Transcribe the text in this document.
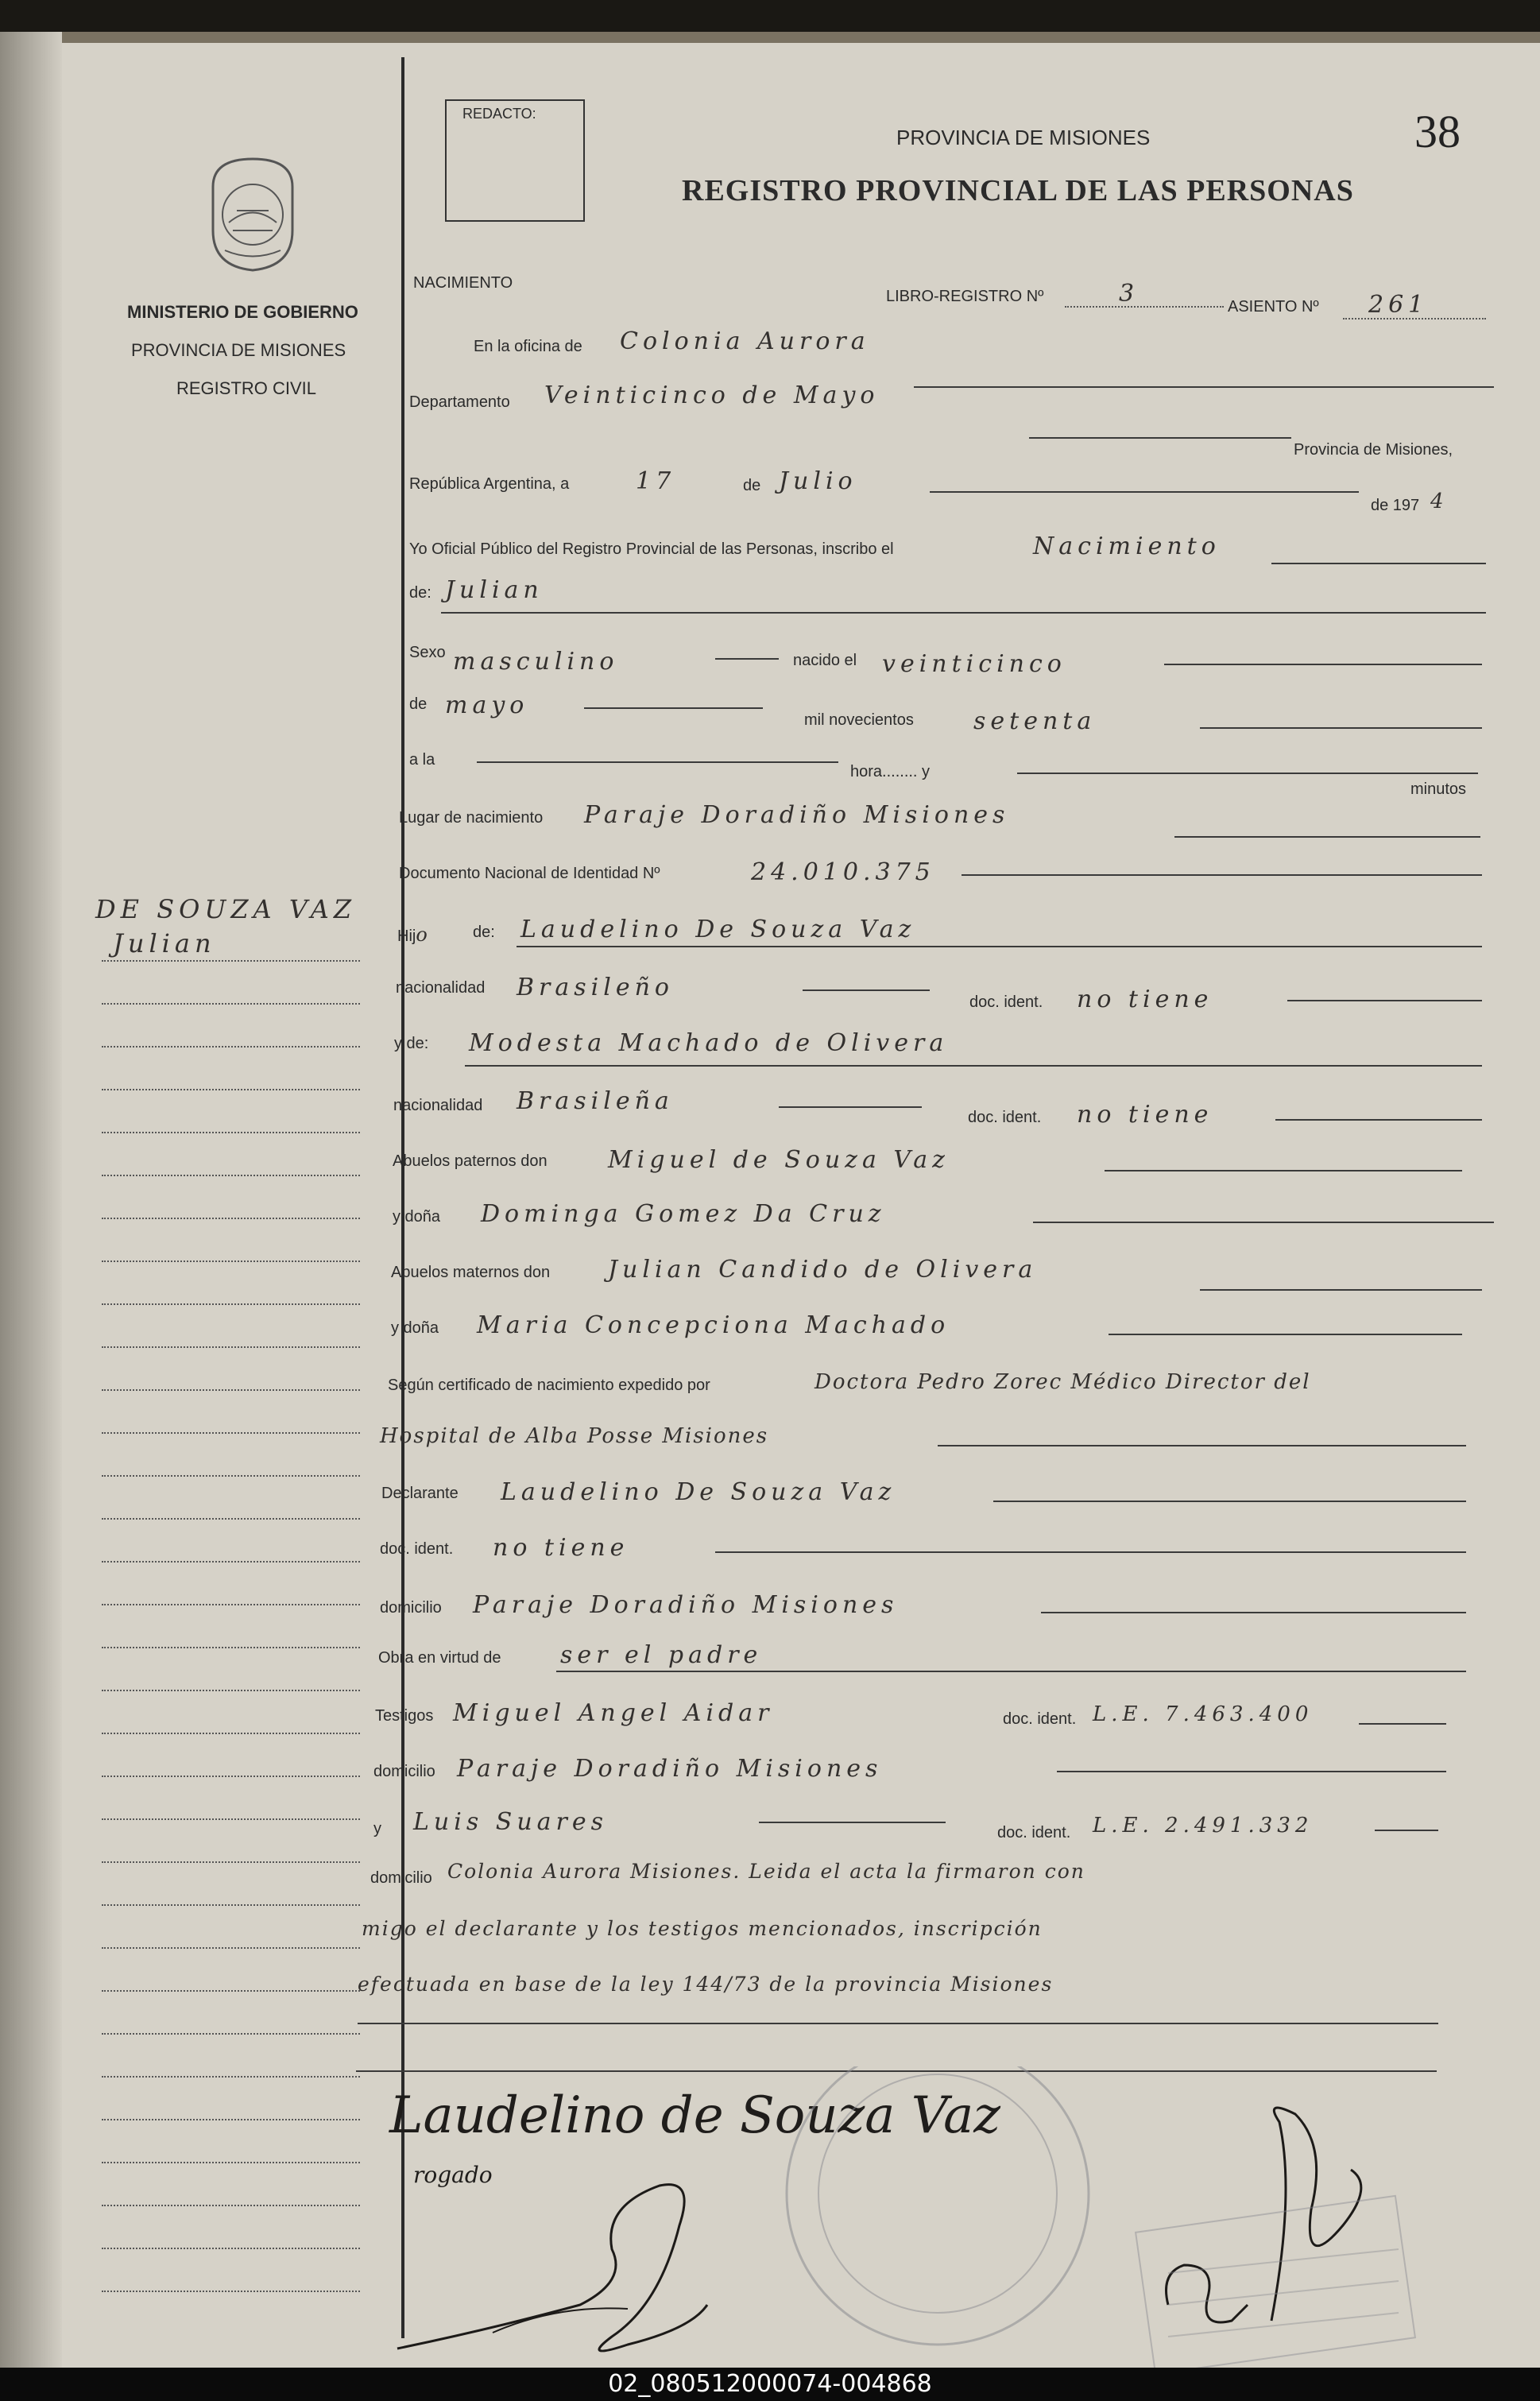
REDACTO:
PROVINCIA DE MISIONES	38
REGISTRO PROVINCIAL DE LAS PERSONAS
MINISTERIO DE GOBIERNO
PROVINCIA DE MISIONES
REGISTRO CIVIL
DE SOUZA VAZ
Julian
NACIMIENTO
LIBRO-REGISTRO Nº	3	ASIENTO Nº 261
En la oficina de Colonia Aurora
Departamento Veinticinco de Mayo
Provincia de Misiones,
República Argentina, a	17	de Julio
de 197 4
Yo Oficial Público del Registro Provincial de las Personas, inscribo el	Nacimiento
de: Julian
Sexo masculino	nacido el veinticinco
de mayo
mil novecientos	setenta
a la
hora........ y
minutos
Lugar de nacimiento Paraje Doradiño Misiones
Documento Nacional de Identidad Nº	24.010.375
Hijo	de: Laudelino De Souza Vaz
nacionalidad Brasileño
doc. ident. no tiene
y de: Modesta Machado de Olivera
nacionalidad Brasileña
doc. ident. no tiene
Abuelos paternos don	Miguel de Souza Vaz
y doña Dominga Gomez Da Cruz
Abuelos maternos don Julian Candido de Olivera
y doña Maria Concepciona Machado
Según certificado de nacimiento expedido por	Doctora Pedro Zorec Médico Director del
Hospital de Alba Posse Misiones
Declarante Laudelino De Souza Vaz
doc. ident. no tiene
domicilio Paraje Doradiño Misiones
Obra en virtud de ser el padre
Testigos Miguel Angel Aidar	doc. ident. L.E. 7.463.400
domicilio Paraje Doradiño Misiones
y Luis Suares	doc. ident. L.E. 2.491.332
domicilio Colonia Aurora Misiones. Leida el acta la firmaron con
migo el declarante y los testigos mencionados, inscripción
efectuada en base de la ley 144/73 de la provincia Misiones
Laudelino de Souza Vaz
rogado
02_080512000074-004868
